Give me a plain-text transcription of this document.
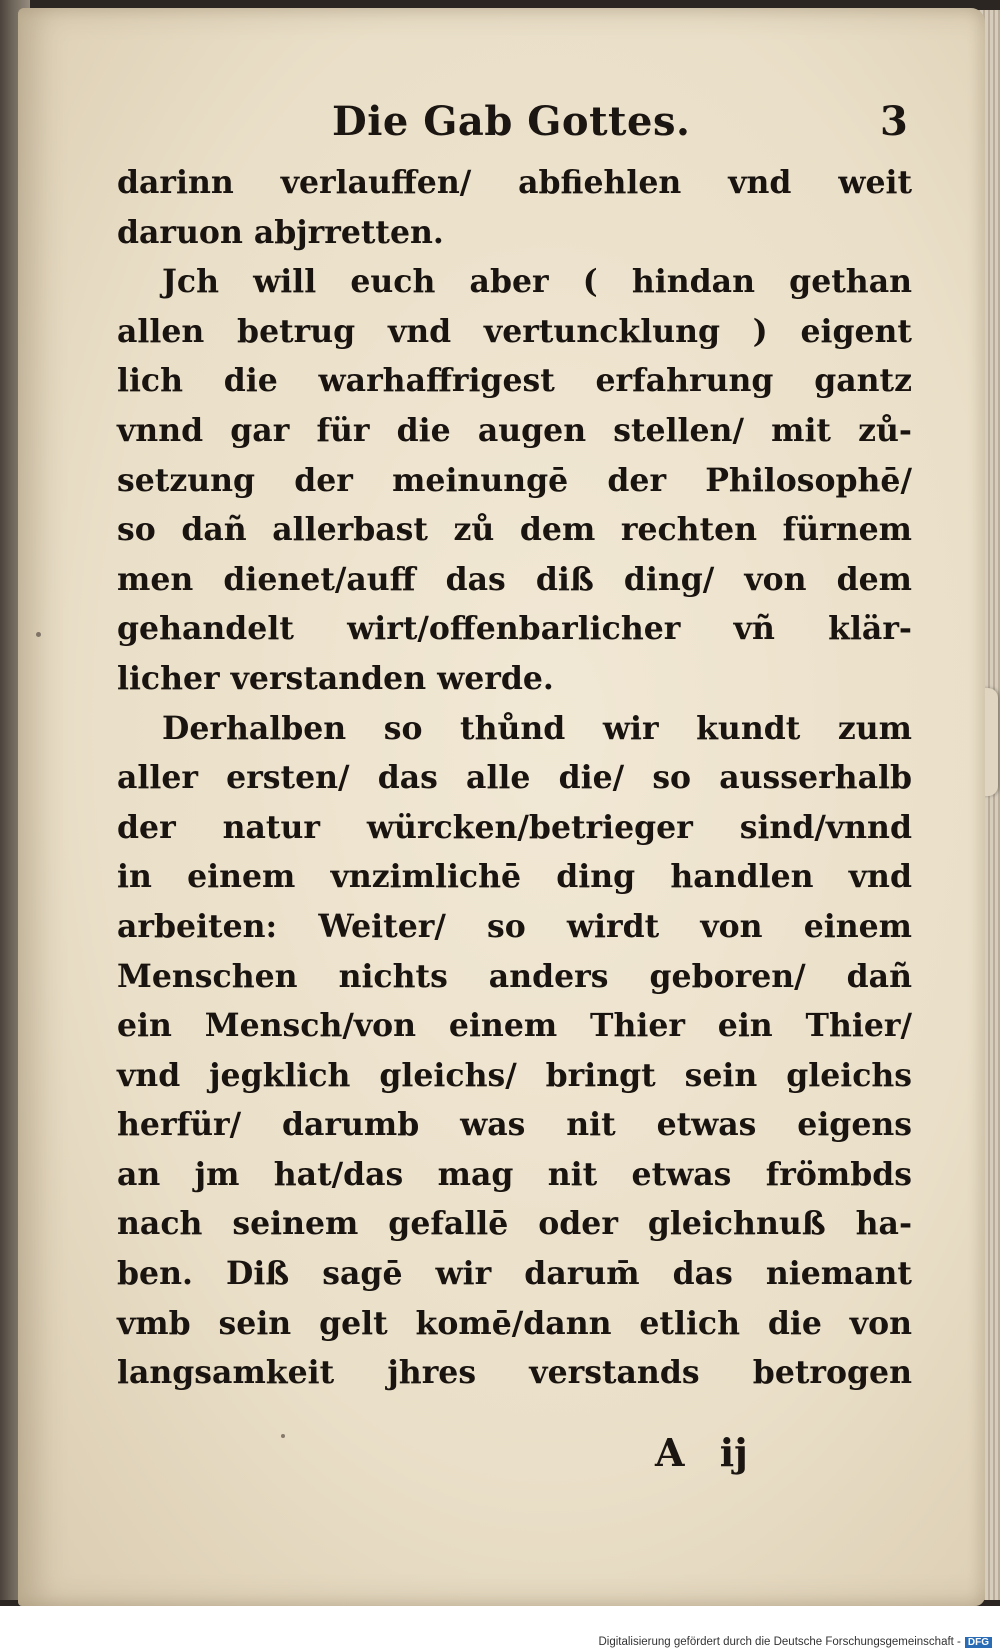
Die Gab Gottes.	3
darinn verlauffen/ abfiehlen vnd weit
daruon abjrretten.
Jch will euch aber ( hindan gethan
allen betrug vnd vertuncklung ) eigent
lich die warhaffrigest erfahrung gantz
vnnd gar für die augen stellen/ mit zů-
setzung der meinungē der Philosophē/
so dañ allerbast zů dem rechten fürnem
men dienet/auff das diß ding/ von dem
gehandelt wirt/offenbarlicher vñ klär-
licher verstanden werde.
Derhalben so thůnd wir kundt zum
aller ersten/ das alle die/ so ausserhalb
der natur würcken/betrieger sind/vnnd
in einem vnzimlichē ding handlen vnd
arbeiten: Weiter/ so wirdt von einem
Menschen nichts anders geboren/ dañ
ein Mensch/von einem Thier ein Thier/
vnd jegklich gleichs/ bringt sein gleichs
herfür/ darumb was nit etwas eigens
an jm hat/das mag nit etwas frömbds
nach seinem gefallē oder gleichnuß ha-
ben. Diß sagē wir darum̄ das niemant
vmb sein gelt komē/dann etlich die von
langsamkeit jhres verstands betrogen
A ij
Digitalisierung gefördert durch die Deutsche Forschungsgemeinschaft - DFG
